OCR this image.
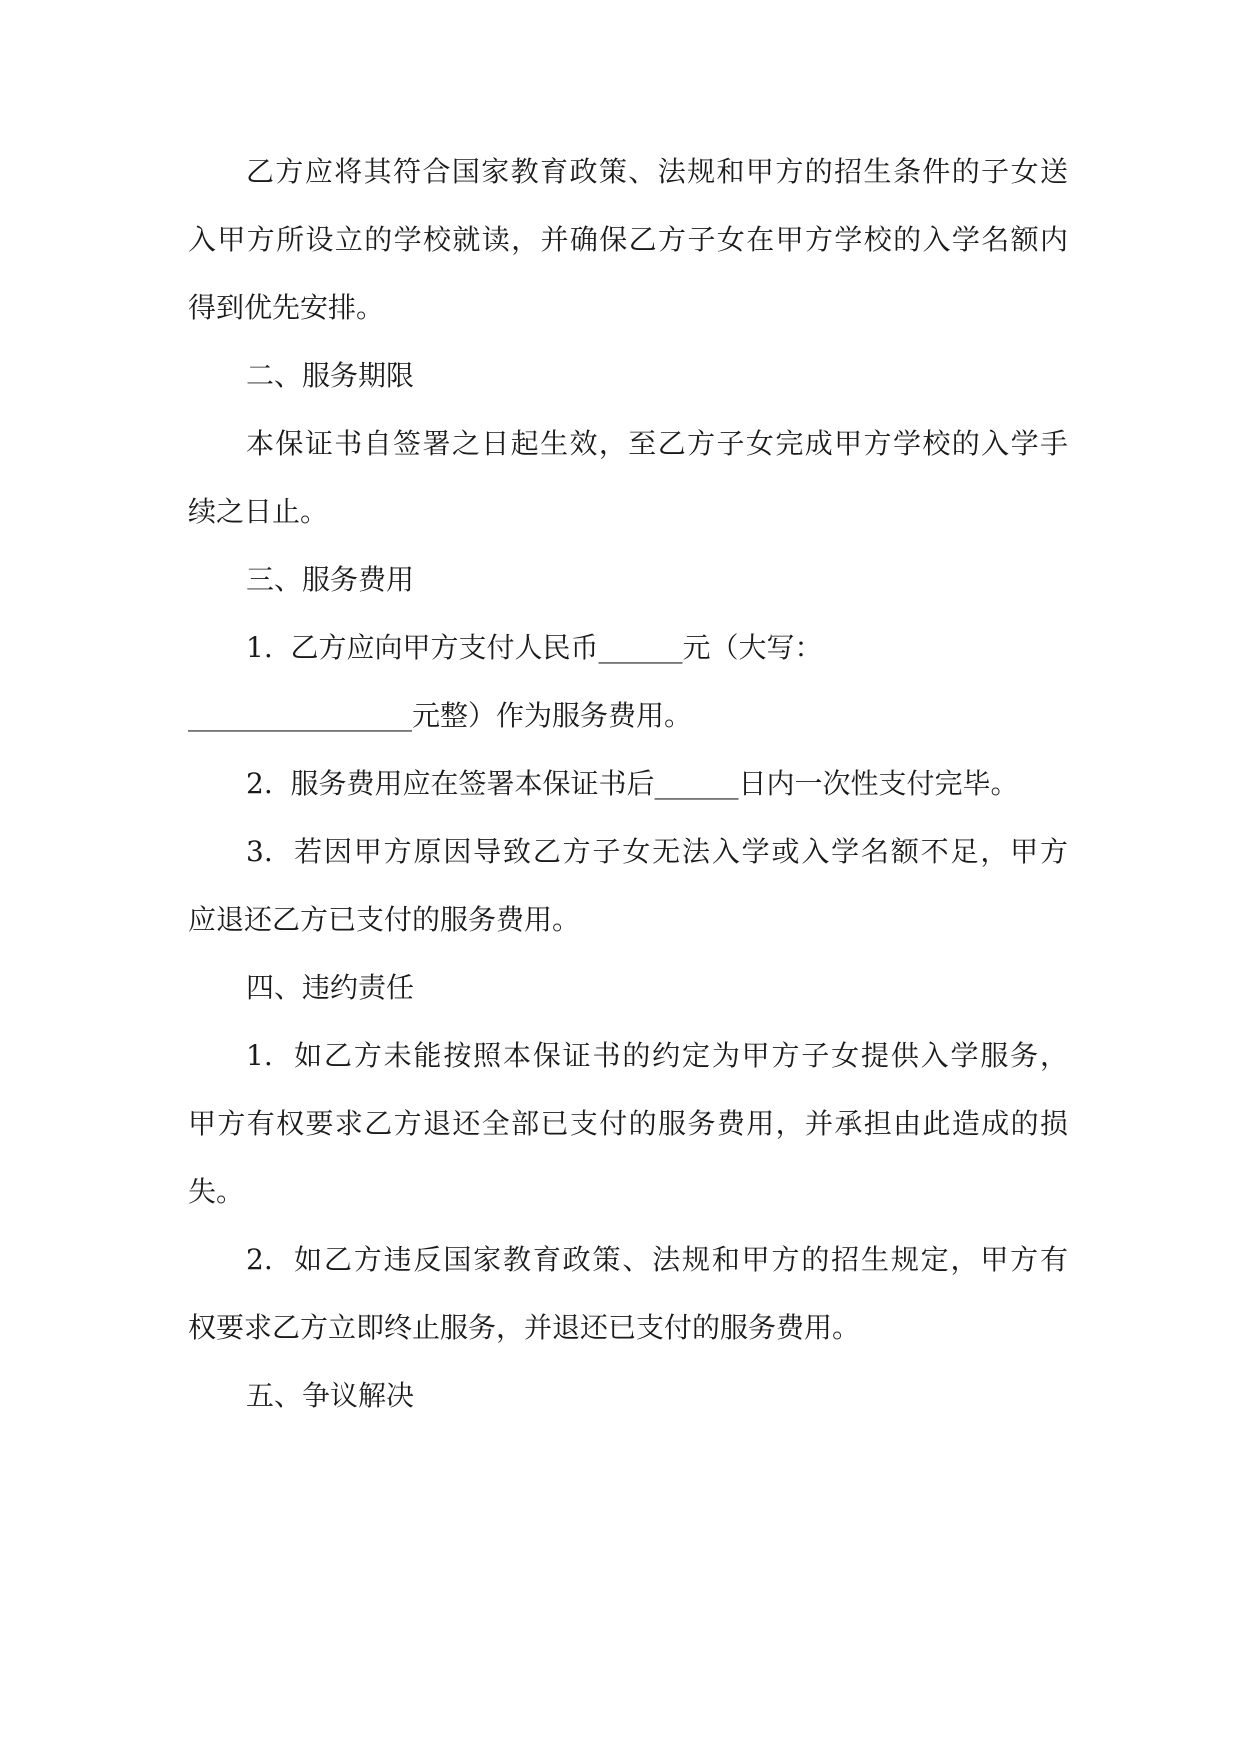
乙方应将其符合国家教育政策、法规和甲方的招生条件的子女送

入甲方所设立的学校就读，并确保乙方子女在甲方学校的入学名额内

得到优先安排。

二、服务期限

本保证书自签署之日起生效，至乙方子女完成甲方学校的入学手

续之日止。

三、服务费用

1.  乙方应向甲方支付人民币______元（大写：

________________元整）作为服务费用。

2.  服务费用应在签署本保证书后______日内一次性支付完毕。

3.  若因甲方原因导致乙方子女无法入学或入学名额不足，甲方

应退还乙方已支付的服务费用。

四、违约责任

1.  如乙方未能按照本保证书的约定为甲方子女提供入学服务，

甲方有权要求乙方退还全部已支付的服务费用，并承担由此造成的损

失。

2.  如乙方违反国家教育政策、法规和甲方的招生规定，甲方有

权要求乙方立即终止服务，并退还已支付的服务费用。

五、争议解决
